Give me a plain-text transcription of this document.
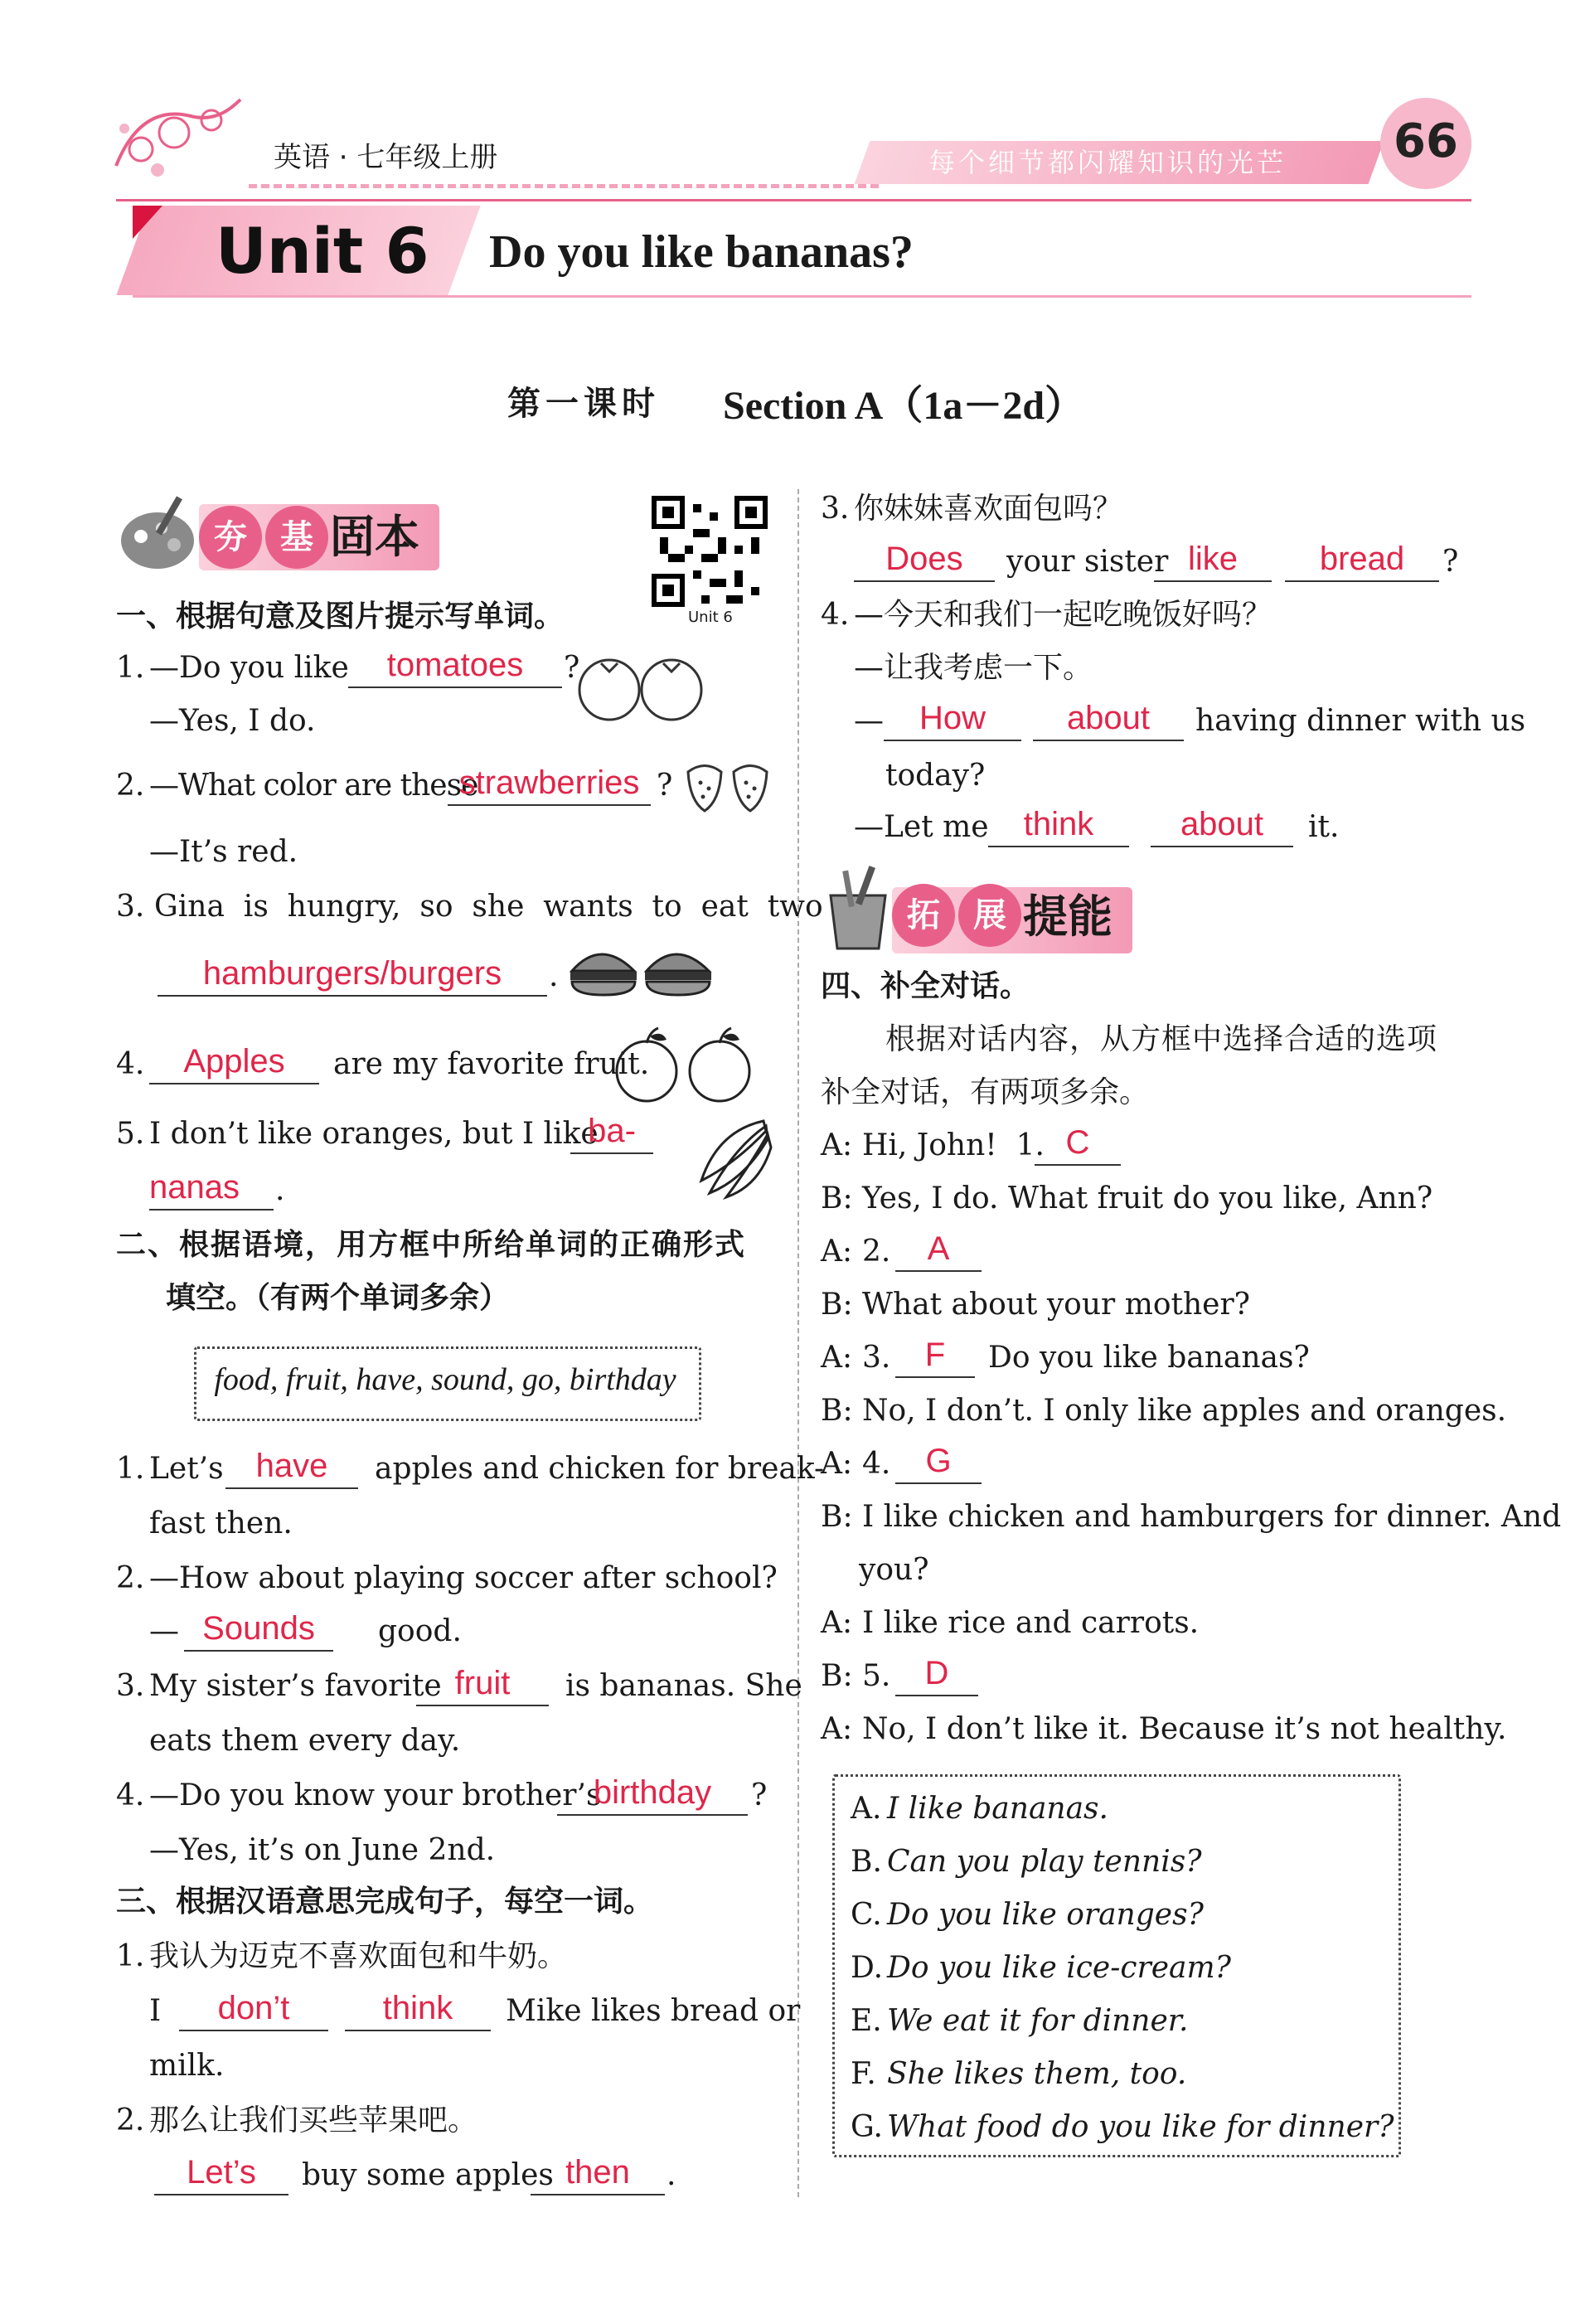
英语 · 七年级上册	每个细节都闪耀知识的光芒 66
Unit 6 Do you like bananas?
第一课时 Section A（1a－2d）
夯 基 固本
Unit 6
一、根据句意及图片提示写单词。
1. —Do you like	tomatoes	?
—Yes, I do.
2. —What color are these
strawberries ?
—It’s red.
3. Gina  is  hungry,  so  she  wants  to  eat  two
hamburgers/burgers	.
4.	Apples	are my favorite fruit.
5. I don’t like oranges, but I like
ba-
nanas .
二、根据语境，用方框中所给单词的正确形式
填空。（有两个单词多余）
food, fruit, have, sound, go, birthday
1. Let’s have	apples and chicken for break-
fast then.
2. —How about playing soccer after school?
— Sounds	good.
3. My sister’s favorite fruit	is bananas. She
eats them every day.
4. —Do you know your brother’s
birthday	?
—Yes, it’s on June 2nd.
三、根据汉语意思完成句子，每空一词。
1. 我认为迈克不喜欢面包和牛奶。
I	don’t	think	Mike likes bread or
milk.
2. 那么让我们买些苹果吧。
Let’s	buy some apples then	.
3. 你妹妹喜欢面包吗？
Does	your sister like	bread	?
4. —今天和我们一起吃晚饭好吗？
—让我考虑一下。
—	How	about	having dinner with us
today?
—Let me	think	about	it.
拓 展 提能
四、补全对话。
根据对话内容，从方框中选择合适的选项
补全对话，有两项多余。
A: Hi, John!  1. C
B: Yes, I do. What fruit do you like, Ann?
A: 2.	A
B: What about your mother?
A: 3.	F	Do you like bananas?
B: No, I don’t. I only like apples and oranges.
A: 4.	G
B: I like chicken and hamburgers for dinner. And
you?
A: I like rice and carrots.
B: 5.	D
A: No, I don’t like it. Because it’s not healthy.
A. I like bananas.
B. Can you play tennis?
C. Do you like oranges?
D. Do you like ice-cream?
E. We eat it for dinner.
F. She likes them, too.
G. What food do you like for dinner?
